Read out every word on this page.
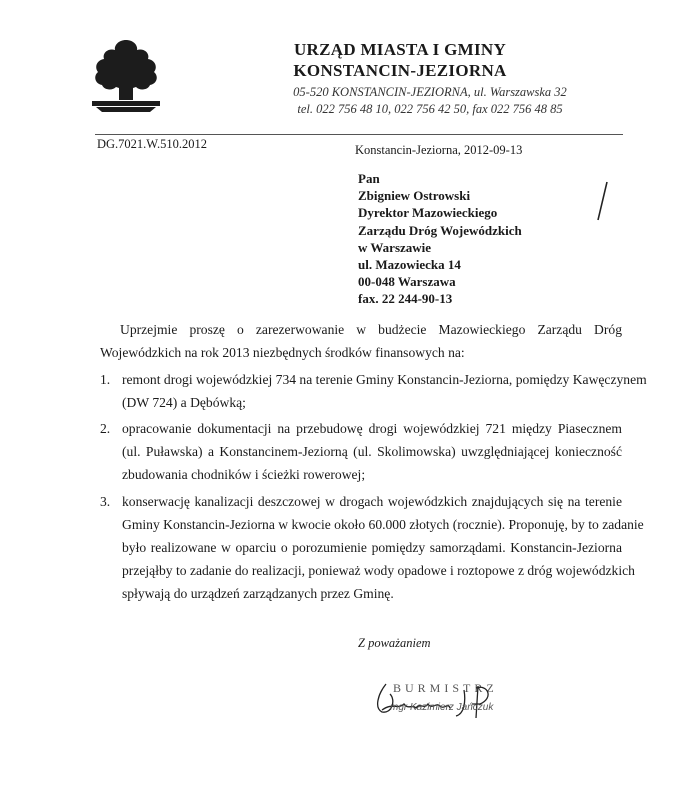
URZĄD MIASTA I GMINY
KONSTANCIN-JEZIORNA
05-520 KONSTANCIN-JEZIORNA, ul. Warszawska 32
tel. 022 756 48 10, 022 756 42 50, fax 022 756 48 85
DG.7021.W.510.2012	Konstancin-Jeziorna, 2012-09-13
Pan
Zbigniew Ostrowski
Dyrektor Mazowieckiego
Zarządu Dróg Wojewódzkich
w Warszawie
ul. Mazowiecka 14
00-048 Warszawa
fax. 22 244-90-13
Uprzejmie proszę o zarezerwowanie w budżecie Mazowieckiego Zarządu Dróg
Wojewódzkich na rok 2013 niezbędnych środków finansowych na:
1. remont drogi wojewódzkiej 734 na terenie Gminy Konstancin-Jeziorna, pomiędzy Kawęczynem
(DW 724) a Dębówką;
2. opracowanie dokumentacji na przebudowę drogi wojewódzkiej 721 między Piasecznem
(ul. Puławska) a Konstancinem-Jeziorną (ul. Skolimowska) uwzględniającej konieczność
zbudowania chodników i ścieżki rowerowej;
3. konserwację kanalizacji deszczowej w drogach wojewódzkich znajdujących się na terenie
Gminy Konstancin-Jeziorna w kwocie około 60.000 złotych (rocznie). Proponuję, by to zadanie
było realizowane w oparciu o porozumienie pomiędzy samorządami. Konstancin-Jeziorna
przejąłby to zadanie do realizacji, ponieważ wody opadowe i roztopowe z dróg wojewódzkich
spływają do urządzeń zarządzanych przez Gminę.
Z poważaniem
BURMISTRZ
mgr Kazimierz Jańczuk
